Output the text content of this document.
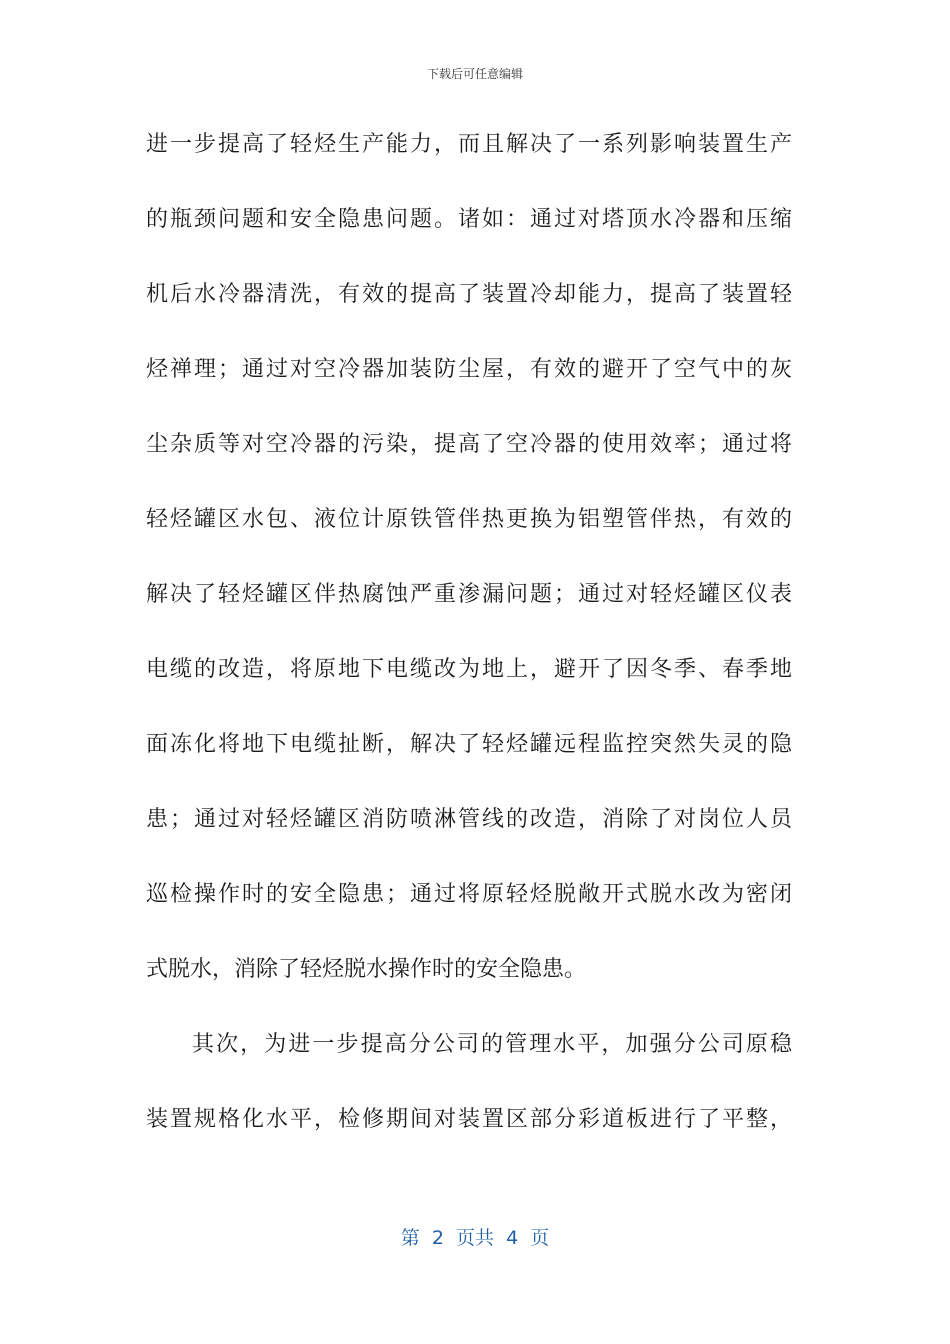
下载后可任意编辑
进一步提高了轻烃生产能力，而且解决了一系列影响装置生产
的瓶颈问题和安全隐患问题。诸如：通过对塔顶水冷器和压缩
机后水冷器清洗，有效的提高了装置冷却能力，提高了装置轻
烃禅理；通过对空冷器加装防尘屋，有效的避开了空气中的灰
尘杂质等对空冷器的污染，提高了空冷器的使用效率；通过将
轻烃罐区水包、液位计原铁管伴热更换为铝塑管伴热，有效的
解决了轻烃罐区伴热腐蚀严重渗漏问题；通过对轻烃罐区仪表
电缆的改造，将原地下电缆改为地上，避开了因冬季、春季地
面冻化将地下电缆扯断，解决了轻烃罐远程监控突然失灵的隐
患；通过对轻烃罐区消防喷淋管线的改造，消除了对岗位人员
巡检操作时的安全隐患；通过将原轻烃脱敞开式脱水改为密闭
式脱水，消除了轻烃脱水操作时的安全隐患。
其次，为进一步提高分公司的管理水平，加强分公司原稳
装置规格化水平，检修期间对装置区部分彩道板进行了平整，
第  2  页共  4  页
